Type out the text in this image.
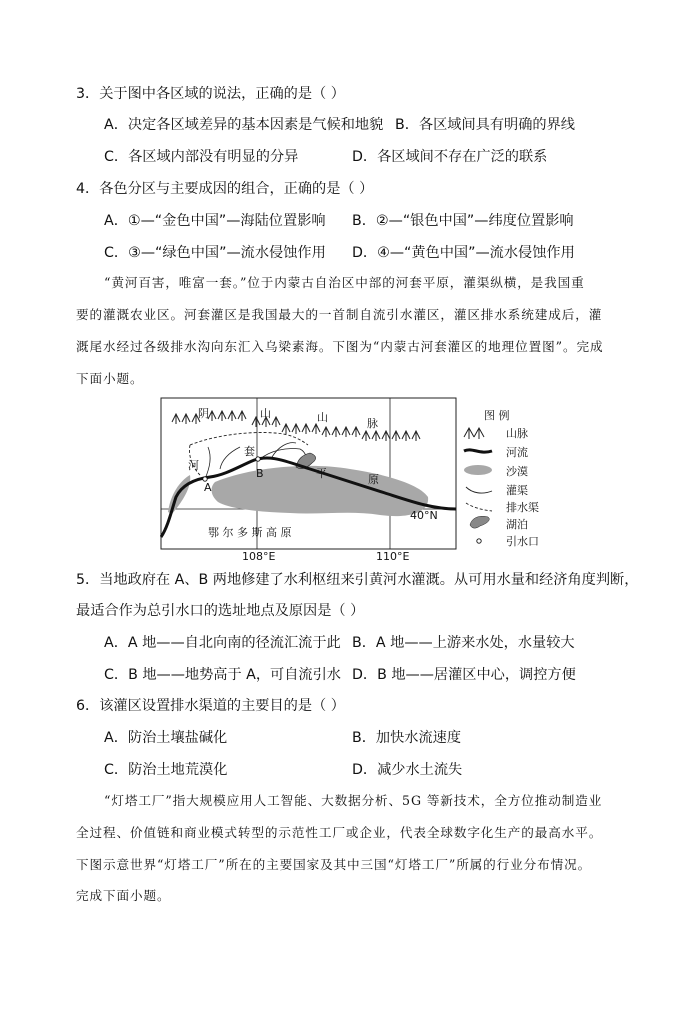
3．关于图中各区域的说法，正确的是（ ）
A．决定各区域差异的基本因素是气候和地貌 B．各区域间具有明确的界线
C．各区域内部没有明显的分异	D．各区域间不存在广泛的联系
4．各色分区与主要成因的组合，正确的是（ ）
A．①—“金色中国”—海陆位置影响 B．②—“银色中国”—纬度位置影响
C．③—“绿色中国”—流水侵蚀作用 D．④—“黄色中国”—流水侵蚀作用
“黄河百害，唯富一套。”位于内蒙古自治区中部的河套平原，灌渠纵横，是我国重
要的灌溉农业区。河套灌区是我国最大的一首制自流引水灌区，灌区排水系统建成后，灌
溉尾水经过各级排水沟向东汇入乌梁素海。下图为“内蒙古河套灌区的地理位置图”。完成
下面小题。
阴	山	山	脉
河
套
平	原
A
B
鄂 尔 多 斯 高 原
40°N
108°E	110°E
图 例
山脉
河流
沙漠
灌渠
排水渠
湖泊
引水口
5．当地政府在 A、B 两地修建了水利枢纽来引黄河水灌溉。从可用水量和经济角度判断，
最适合作为总引水口的选址地点及原因是（ ）
A．A 地——自北向南的径流汇流于此 B．A 地——上游来水处，水量较大
C．B 地——地势高于 A，可自流引水 D．B 地——居灌区中心，调控方便
6．该灌区设置排水渠道的主要目的是（ ）
A．防治土壤盐碱化	B．加快水流速度
C．防治土地荒漠化	D．减少水土流失
“灯塔工厂”指大规模应用人工智能、大数据分析、5G 等新技术，全方位推动制造业
全过程、价值链和商业模式转型的示范性工厂或企业，代表全球数字化生产的最高水平。
下图示意世界“灯塔工厂”所在的主要国家及其中三国“灯塔工厂”所属的行业分布情况。
完成下面小题。
